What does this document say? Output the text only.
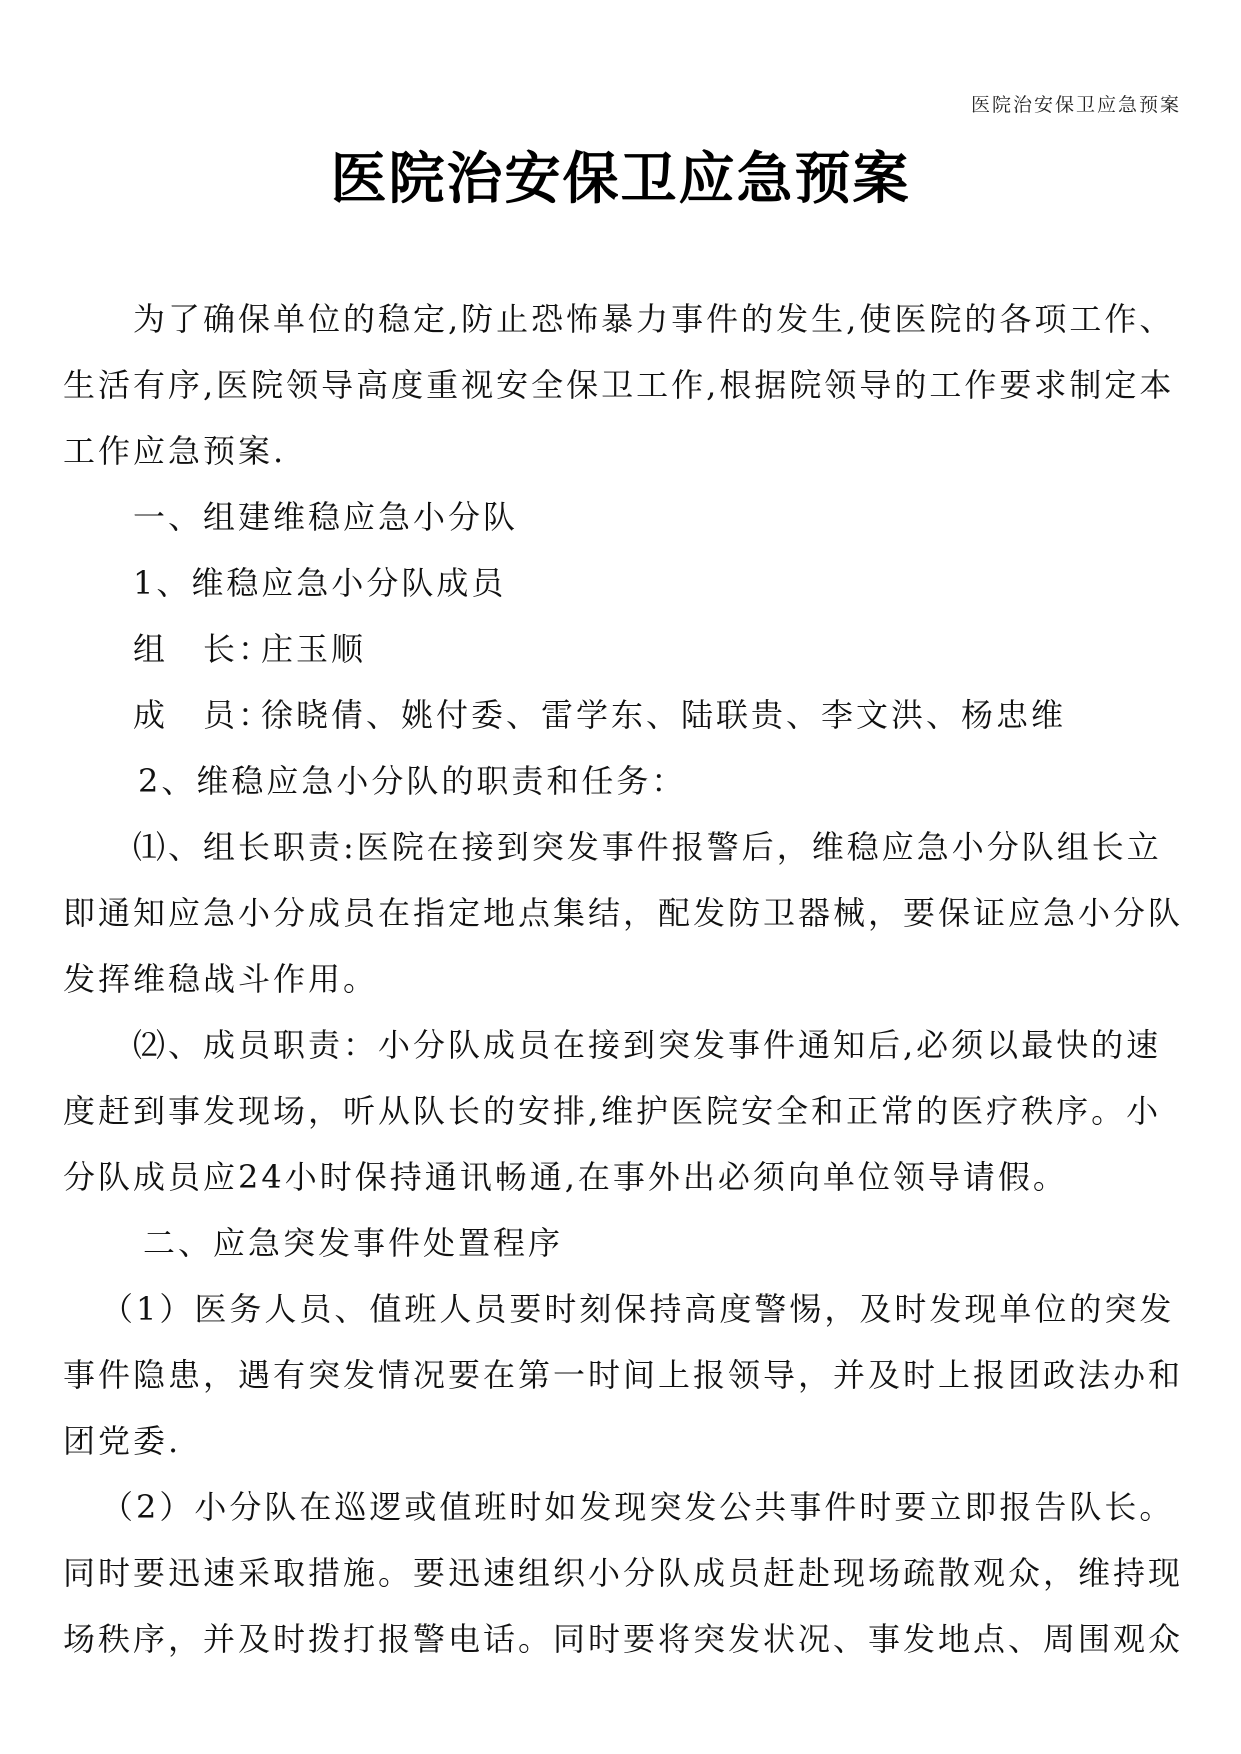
医院治安保卫应急预案
医院治安保卫应急预案

为了确保单位的稳定,防止恐怖暴力事件的发生,使医院的各项工作、生活有序,医院领导高度重视安全保卫工作,根据院领导的工作要求制定本工作应急预案.

一、组建维稳应急小分队

1、维稳应急小分队成员

组　长：庄玉顺

成　员：徐晓倩、姚付委、雷学东、陆联贵、李文洪、杨忠维

2、维稳应急小分队的职责和任务：

⑴、组长职责:医院在接到突发事件报警后，维稳应急小分队组长立即通知应急小分成员在指定地点集结，配发防卫器械，要保证应急小分队发挥维稳战斗作用。

⑵、成员职责：小分队成员在接到突发事件通知后,必须以最快的速度赶到事发现场，听从队长的安排,维护医院安全和正常的医疗秩序。小分队成员应24小时保持通讯畅通,在事外出必须向单位领导请假。

二、应急突发事件处置程序

（1）医务人员、值班人员要时刻保持高度警惕，及时发现单位的突发事件隐患，遇有突发情况要在第一时间上报领导，并及时上报团政法办和团党委.

（2）小分队在巡逻或值班时如发现突发公共事件时要立即报告队长。同时要迅速采取措施。要迅速组织小分队成员赶赴现场疏散观众，维持现场秩序，并及时拨打报警电话。同时要将突发状况、事发地点、周围观众
